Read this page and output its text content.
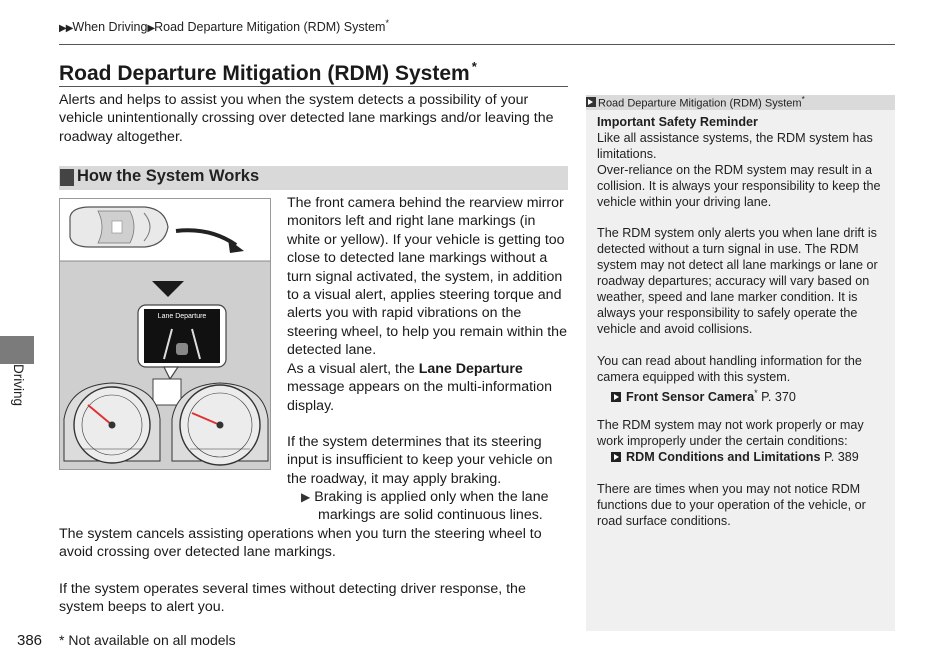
▶▶When Driving▶Road Departure Mitigation (RDM) System*
Road Departure Mitigation (RDM) System *
Alerts and helps to assist you when the system detects a possibility of your vehicle unintentionally crossing over detected lane markings and/or leaving the roadway altogether.
How the System Works
Lane Departure
The front camera behind the rearview mirror monitors left and right lane markings (in white or yellow). If your vehicle is getting too close to detected lane markings without a turn signal activated, the system, in addition to a visual alert, applies steering torque and alerts you with rapid vibrations on the steering wheel, to help you remain within the detected lane.
As a visual alert, the Lane Departure message appears on the multi-information display.
If the system determines that its steering input is insufficient to keep your vehicle on the roadway, it may apply braking.
▶ Braking is applied only when the lane
markings are solid continuous lines.
The system cancels assisting operations when you turn the steering wheel to avoid crossing over detected lane markings.
If the system operates several times without detecting driver response, the system beeps to alert you.
Driving
386 * Not available on all models
Road Departure Mitigation (RDM) System*
Important Safety Reminder
Like all assistance systems, the RDM system has limitations.
Over-reliance on the RDM system may result in a collision. It is always your responsibility to keep the vehicle within your driving lane.
The RDM system only alerts you when lane drift is detected without a turn signal in use. The RDM system may not detect all lane markings or lane or roadway departures; accuracy will vary based on weather, speed and lane marker condition. It is always your responsibility to safely operate the vehicle and avoid collisions.
You can read about handling information for the camera equipped with this system.
Front Sensor Camera* P. 370
The RDM system may not work properly or may work improperly under the certain conditions:
RDM Conditions and Limitations P. 389
There are times when you may not notice RDM functions due to your operation of the vehicle, or road surface conditions.
